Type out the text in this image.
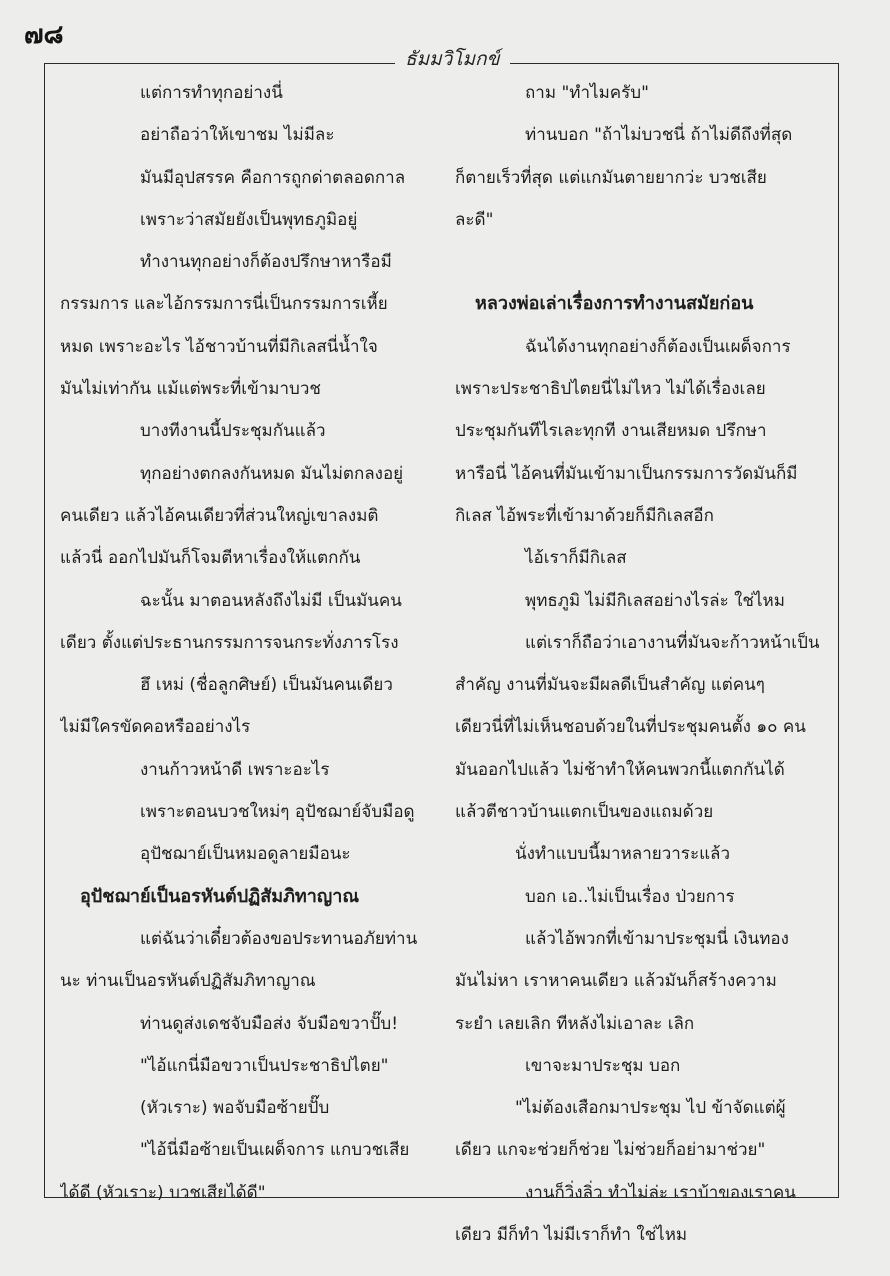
๗๘
ธัมมวิโมกข์
แต่การทำทุกอย่างนี่
อย่าถือว่าให้เขาชม ไม่มีละ
มันมีอุปสรรค คือการถูกด่าตลอดกาล
เพราะว่าสมัยยังเป็นพุทธภูมิอยู่
ทำงานทุกอย่างก็ต้องปรึกษาหารือมี
กรรมการ และไอ้กรรมการนี่เป็นกรรมการเหี้ย
หมด เพราะอะไร ไอ้ชาวบ้านที่มีกิเลสนี่น้ำใจ
มันไม่เท่ากัน แม้แต่พระที่เข้ามาบวช
บางทีงานนี้ประชุมกันแล้ว
ทุกอย่างตกลงกันหมด มันไม่ตกลงอยู่
คนเดียว แล้วไอ้คนเดียวที่ส่วนใหญ่เขาลงมติ
แล้วนี่ ออกไปมันก็โจมตีหาเรื่องให้แตกกัน
ฉะนั้น มาตอนหลังถึงไม่มี เป็นมันคน
เดียว ตั้งแต่ประธานกรรมการจนกระทั่งภารโรง
ฮึ เหม่ (ชื่อลูกศิษย์) เป็นมันคนเดียว
ไม่มีใครขัดคอหรืออย่างไร
งานก้าวหน้าดี เพราะอะไร
เพราะตอนบวชใหม่ๆ อุปัชฌาย์จับมือดู
อุปัชฌาย์เป็นหมอดูลายมือนะ
อุปัชฌาย์เป็นอรหันต์ปฏิสัมภิทาญาณ
แต่ฉันว่าเดี๋ยวต้องขอประทานอภัยท่าน
นะ ท่านเป็นอรหันต์ปฏิสัมภิทาญาณ
ท่านดูส่งเดชจับมือส่ง จับมือขวาปั๊บ!
"ไอ้แกนี่มือขวาเป็นประชาธิปไตย"
(หัวเราะ) พอจับมือซ้ายปั๊บ
"ไอ้นี่มือซ้ายเป็นเผด็จการ แกบวชเสีย
ได้ดี (หัวเราะ) บวชเสียได้ดี"
ถาม "ทำไมครับ"
ท่านบอก "ถ้าไม่บวชนี่ ถ้าไม่ดีถึงที่สุด
ก็ตายเร็วที่สุด แต่แกมันตายยากว่ะ บวชเสีย
ละดี"
หลวงพ่อเล่าเรื่องการทำงานสมัยก่อน
ฉันได้งานทุกอย่างก็ต้องเป็นเผด็จการ
เพราะประชาธิปไตยนี่ไม่ไหว ไม่ได้เรื่องเลย
ประชุมกันทีไรเละทุกที งานเสียหมด ปรึกษา
หารือนี่ ไอ้คนที่มันเข้ามาเป็นกรรมการวัดมันก็มี
กิเลส ไอ้พระที่เข้ามาด้วยก็มีกิเลสอีก
ไอ้เราก็มีกิเลส
พุทธภูมิ ไม่มีกิเลสอย่างไรล่ะ ใช่ไหม
แต่เราก็ถือว่าเอางานที่มันจะก้าวหน้าเป็น
สำคัญ งานที่มันจะมีผลดีเป็นสำคัญ แต่คนๆ
เดียวนี่ที่ไม่เห็นชอบด้วยในที่ประชุมคนตั้ง ๑๐ คน
มันออกไปแล้ว ไม่ช้าทำให้คนพวกนี้แตกกันได้
แล้วตีชาวบ้านแตกเป็นของแถมด้วย
นั่งทำแบบนี้มาหลายวาระแล้ว
บอก เอ..ไม่เป็นเรื่อง ป่วยการ
แล้วไอ้พวกที่เข้ามาประชุมนี่ เงินทอง
มันไม่หา เราหาคนเดียว แล้วมันก็สร้างความ
ระยำ เลยเลิก ทีหลังไม่เอาละ เลิก
เขาจะมาประชุม บอก
"ไม่ต้องเสือกมาประชุม ไป ข้าจัดแต่ผู้
เดียว แกจะช่วยก็ช่วย ไม่ช่วยก็อย่ามาช่วย"
งานก็วิ่งลิ่ว ทำไม่ล่ะ เราบ้าของเราคน
เดียว มีก็ทำ ไม่มีเราก็ทำ ใช่ไหม
